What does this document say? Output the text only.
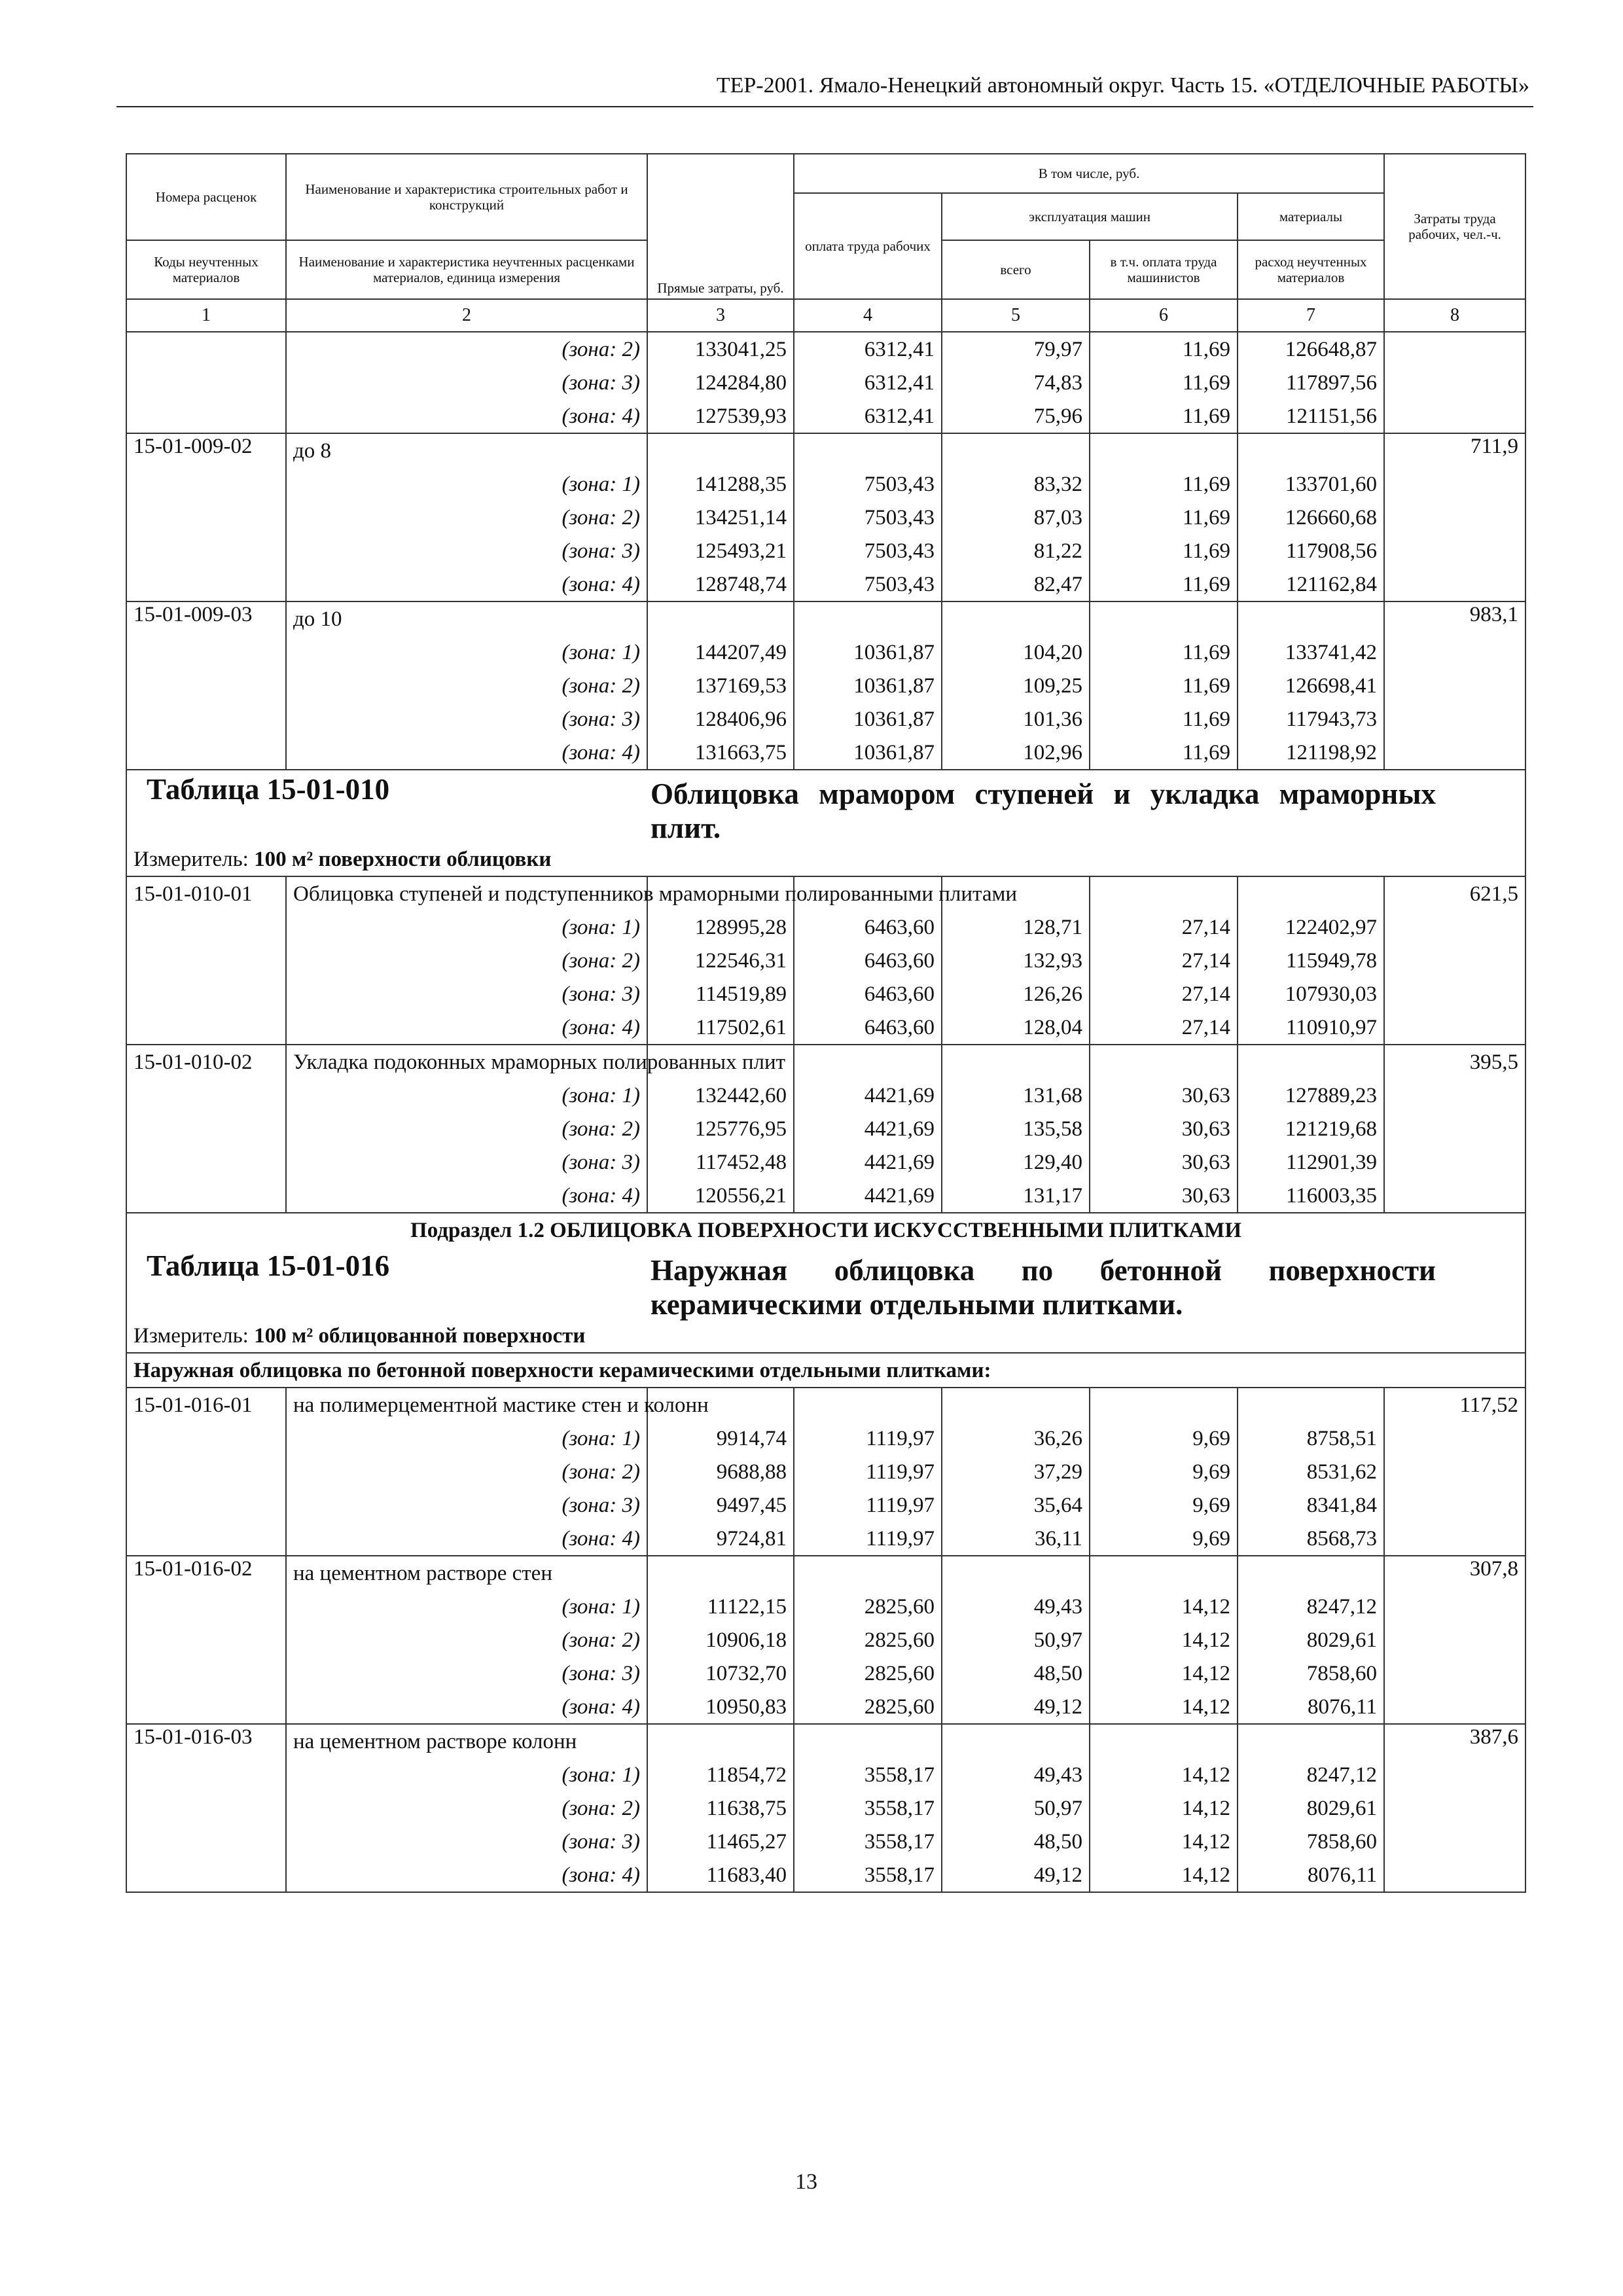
ТЕР-2001. Ямало-Ненецкий автономный округ. Часть 15. «ОТДЕЛОЧНЫЕ РАБОТЫ»
Номера расценок	Наименование и характеристика строительных работ и конструкций	Прямые затраты, руб.	В том числе, руб.				Затраты труда рабочих, чел.-ч.
			оплата труда рабочих	эксплуатация машин		материалы	
Коды неучтенных материалов	Наименование и характеристика неучтенных расценками материалов, единица измерения			всего	в т.ч. оплата труда машинистов	расход неучтенных материалов	
1	2	3	4	5	6	7	8
	(зона: 2)	133041,25	6312,41	79,97	11,69	126648,87	
	(зона: 3)	124284,80	6312,41	74,83	11,69	117897,56	
	(зона: 4)	127539,93	6312,41	75,96	11,69	121151,56	
15-01-009-02	до 8						711,9
	(зона: 1)	141288,35	7503,43	83,32	11,69	133701,60	
	(зона: 2)	134251,14	7503,43	87,03	11,69	126660,68	
	(зона: 3)	125493,21	7503,43	81,22	11,69	117908,56	
	(зона: 4)	128748,74	7503,43	82,47	11,69	121162,84	
15-01-009-03	до 10						983,1
	(зона: 1)	144207,49	10361,87	104,20	11,69	133741,42	
	(зона: 2)	137169,53	10361,87	109,25	11,69	126698,41	
	(зона: 3)	128406,96	10361,87	101,36	11,69	117943,73	
	(зона: 4)	131663,75	10361,87	102,96	11,69	121198,92	

Таблица 15-01-010 Облицовка мрамором ступеней и укладка мраморных плит.							

Измеритель: 100 м² поверхности облицовки							
15-01-010-01	Облицовка ступеней и подступенников мраморными полированными плитами						621,5
	(зона: 1)	128995,28	6463,60	128,71	27,14	122402,97	
	(зона: 2)	122546,31	6463,60	132,93	27,14	115949,78	
	(зона: 3)	114519,89	6463,60	126,26	27,14	107930,03	
	(зона: 4)	117502,61	6463,60	128,04	27,14	110910,97	
15-01-010-02	Укладка подоконных мраморных полированных плит						395,5
	(зона: 1)	132442,60	4421,69	131,68	30,63	127889,23	
	(зона: 2)	125776,95	4421,69	135,58	30,63	121219,68	
	(зона: 3)	117452,48	4421,69	129,40	30,63	112901,39	
	(зона: 4)	120556,21	4421,69	131,17	30,63	116003,35	
Подраздел 1.2 ОБЛИЦОВКА ПОВЕРХНОСТИ ИСКУССТВЕННЫМИ ПЛИТКАМИ							

Таблица 15-01-016 Наружная облицовка по бетонной поверхности керамическими отдельными плитками.							

Измеритель: 100 м² облицованной поверхности							
Наружная облицовка по бетонной поверхности керамическими отдельными плитками:							
15-01-016-01	на полимерцементной мастике стен и колонн						117,52
	(зона: 1)	9914,74	1119,97	36,26	9,69	8758,51	
	(зона: 2)	9688,88	1119,97	37,29	9,69	8531,62	
	(зона: 3)	9497,45	1119,97	35,64	9,69	8341,84	
	(зона: 4)	9724,81	1119,97	36,11	9,69	8568,73	
15-01-016-02	на цементном растворе стен						307,8
	(зона: 1)	11122,15	2825,60	49,43	14,12	8247,12	
	(зона: 2)	10906,18	2825,60	50,97	14,12	8029,61	
	(зона: 3)	10732,70	2825,60	48,50	14,12	7858,60	
	(зона: 4)	10950,83	2825,60	49,12	14,12	8076,11	
15-01-016-03	на цементном растворе колонн						387,6
	(зона: 1)	11854,72	3558,17	49,43	14,12	8247,12	
	(зона: 2)	11638,75	3558,17	50,97	14,12	8029,61	
	(зона: 3)	11465,27	3558,17	48,50	14,12	7858,60	
	(зона: 4)	11683,40	3558,17	49,12	14,12	8076,11	
13
